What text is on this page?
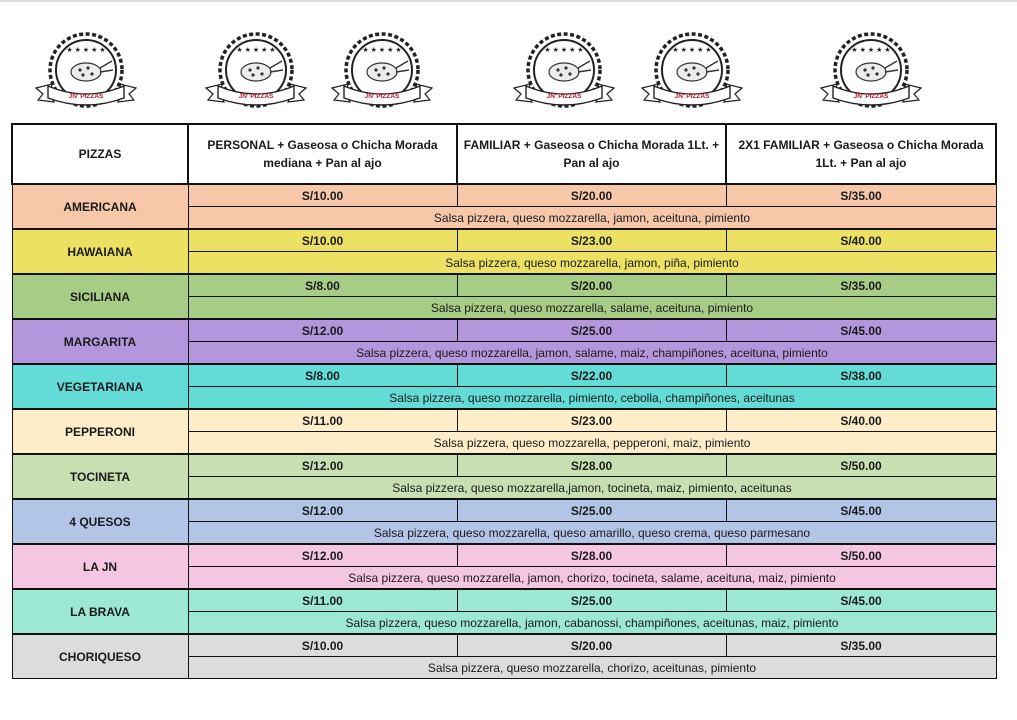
★ ★ ★ ★ ★
JN' PIZZAS
★ ★ ★ ★ ★
JN' PIZZAS
★ ★ ★ ★ ★
JN' PIZZAS
★ ★ ★ ★ ★
JN' PIZZAS
★ ★ ★ ★ ★
JN' PIZZAS
★ ★ ★ ★ ★
JN' PIZZAS
PIZZAS	PERSONAL + Gaseosa o Chicha Morada mediana + Pan al ajo	FAMILIAR + Gaseosa o Chicha Morada 1Lt. + Pan al ajo	2X1 FAMILIAR + Gaseosa o Chicha Morada 1Lt. + Pan al ajo
AMERICANA	S/10.00	S/20.00	S/35.00
	Salsa pizzera, queso mozzarella, jamon, aceituna, pimiento		
HAWAIANA	S/10.00	S/23.00	S/40.00
	Salsa pizzera, queso mozzarella, jamon, piña, pimiento		
SICILIANA	S/8.00	S/20.00	S/35.00
	Salsa pizzera, queso mozzarella, salame, aceituna, pimiento		
MARGARITA	S/12.00	S/25.00	S/45.00
	Salsa pizzera, queso mozzarella, jamon, salame, maiz, champiñones, aceituna, pimiento		
VEGETARIANA	S/8.00	S/22.00	S/38.00
	Salsa pizzera, queso mozzarella, pimiento, cebolla, champiñones, aceitunas		
PEPPERONI	S/11.00	S/23.00	S/40.00
	Salsa pizzera, queso mozzarella, pepperoni, maiz, pimiento		
TOCINETA	S/12.00	S/28.00	S/50.00
	Salsa pizzera, queso mozzarella,jamon, tocineta, maiz, pimiento, aceitunas		
4 QUESOS	S/12.00	S/25.00	S/45.00
	Salsa pizzera, queso mozzarella, queso amarillo, queso crema, queso parmesano		
LA JN	S/12.00	S/28.00	S/50.00
	Salsa pizzera, queso mozzarella, jamon, chorizo, tocineta, salame, aceituna, maiz, pimiento		
LA BRAVA	S/11.00	S/25.00	S/45.00
	Salsa pizzera, queso mozzarella, jamon, cabanossi, champiñones, aceitunas, maiz, pimiento		
CHORIQUESO	S/10.00	S/20.00	S/35.00
	Salsa pizzera, queso mozzarella, chorizo, aceitunas, pimiento		
